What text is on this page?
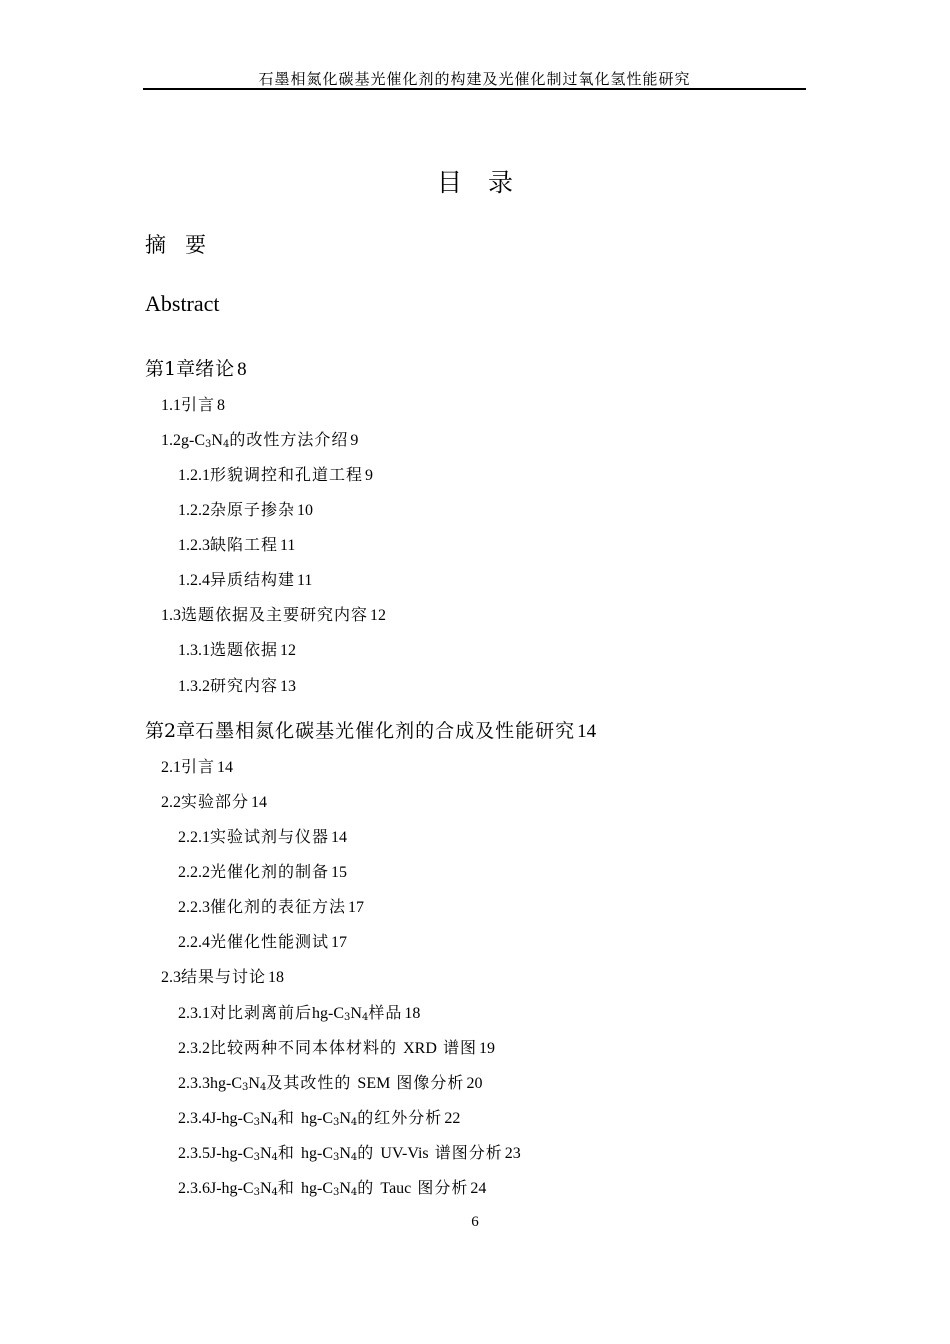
石墨相氮化碳基光催化剂的构建及光催化制过氧化氢性能研究
目录
摘要
Abstract
第1章 绪论 8
1.1 引言 8
1.2 $g-C_3N_4$的改性方法介绍 9
1.2.1 形貌调控和孔道工程 9
1.2.2 杂原子掺杂 10
1.2.3 缺陷工程 11
1.2.4 异质结构建 11
1.3 选题依据及主要研究内容 12
1.3.1 选题依据 12
1.3.2 研究内容 13
第2章 石墨相氮化碳基光催化剂的合成及性能研究 14
2.1 引言 14
2.2 实验部分 14
2.2.1 实验试剂与仪器 14
2.2.2 光催化剂的制备 15
2.2.3 催化剂的表征方法 17
2.2.4 光催化性能测试 17
2.3 结果与讨论 18
2.3.1 对比剥离前后$hg-C_3N_4$样品 18
2.3.2 比较两种不同本体材料的 XRD 谱图 19
2.3.3 $hg-C_3N_4$及其改性的 SEM 图像分析 20
2.3.4 $J-hg-C_3N_4$和 $hg-C_3N_4$的红外分析 22
2.3.5 $J-hg-C_3N_4$和 $hg-C_3N_4$的 UV-Vis 谱图分析 23
2.3.6 $J-hg-C_3N_4$和 $hg-C_3N_4$的 Tauc 图分析 24
6
